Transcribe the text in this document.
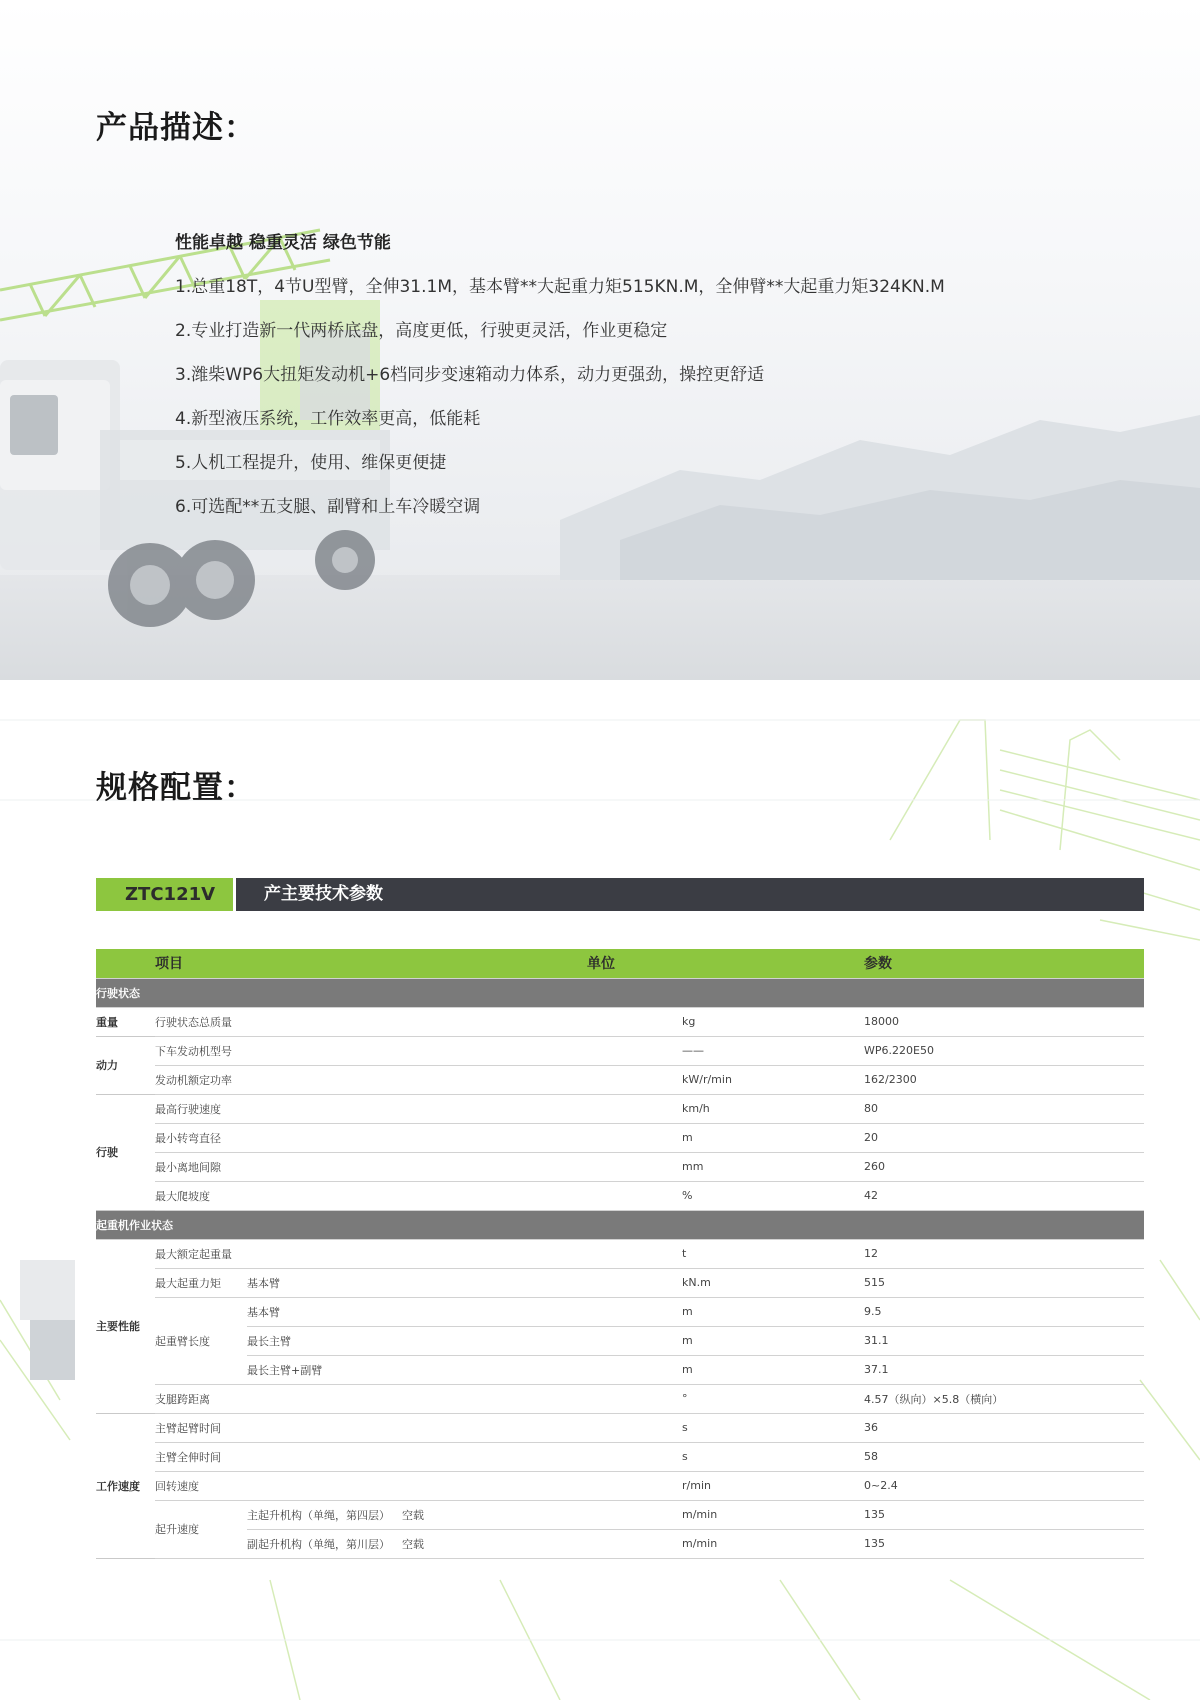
产品描述：
性能卓越 稳重灵活 绿色节能
1.总重18T，4节U型臂，全伸31.1M，基本臂**大起重力矩515KN.M，全伸臂**大起重力矩324KN.M
2.专业打造新一代两桥底盘，高度更低，行驶更灵活，作业更稳定
3.潍柴WP6大扭矩发动机+6档同步变速箱动力体系，动力更强劲，操控更舒适
4.新型液压系统，工作效率更高，低能耗
5.人机工程提升，使用、维保更便捷
6.可选配**五支腿、副臂和上车冷暖空调
规格配置：
ZTC121V	产主要技术参数
	项目	单位		参数
行驶状态				
重量	行驶状态总质量		kg	18000
动力	下车发动机型号		——	WP6.220E50
	发动机额定功率		kW/r/min	162/2300
行驶	最高行驶速度		km/h	80
	最小转弯直径		m	20
	最小离地间隙		mm	260
	最大爬坡度		%	42
起重机作业状态				
主要性能	最大额定起重量		t	12
	最大起重力矩	基本臂	kN.m	515
	起重臂长度	基本臂	m	9.5
		最长主臂	m	31.1
		最长主臂+副臂	m	37.1
	支腿跨距离		°	4.57（纵向）×5.8（横向）
工作速度	主臂起臂时间		s	36
	主臂全伸时间		s	58
	回转速度		r/min	0~2.4
	起升速度	主起升机构（单绳，第四层） 空载	m/min	135
		副起升机构（单绳，第川层） 空载	m/min	135
